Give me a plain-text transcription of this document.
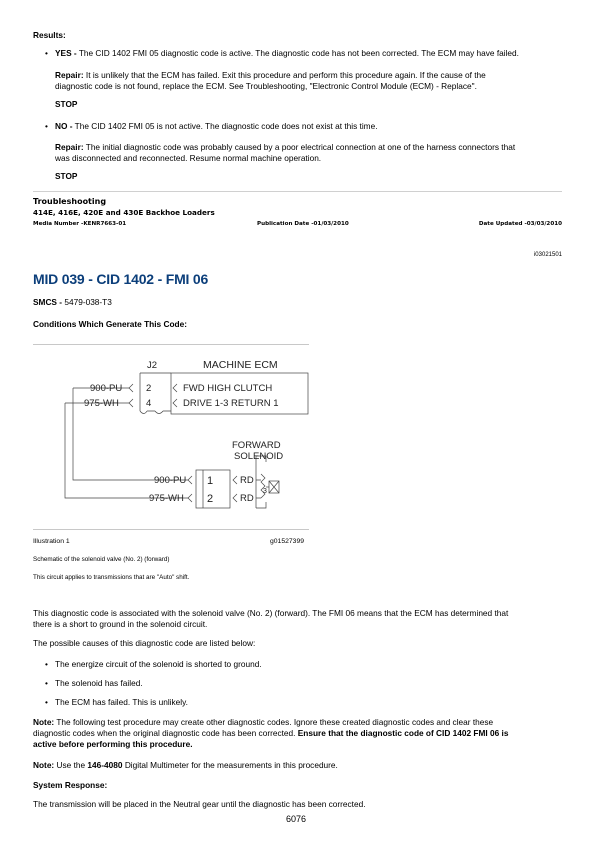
Results:
• YES - The CID 1402 FMI 05 diagnostic code is active. The diagnostic code has not been corrected. The ECM may have failed.
Repair: It is unlikely that the ECM has failed. Exit this procedure and perform this procedure again. If the cause of the
diagnostic code is not found, replace the ECM. See Troubleshooting, "Electronic Control Module (ECM) - Replace".
STOP
• NO - The CID 1402 FMI 05 is not active. The diagnostic code does not exist at this time.
Repair: The initial diagnostic code was probably caused by a poor electrical connection at one of the harness connectors that
was disconnected and reconnected. Resume normal machine operation.
STOP
Troubleshooting
414E, 416E, 420E and 430E Backhoe Loaders
Media Number -KENR7663-01	Publication Date -01/03/2010	Date Updated -03/03/2010
i03021501
MID 039 - CID 1402 - FMI 06
SMCS - 5479-038-T3
Conditions Which Generate This Code:
J2	MACHINE ECM
FWD HIGH CLUTCH
DRIVE 1-3 RETURN 1
2
4
900-PU
975-WH
900-PU
975-WH
1
2
RD
RD
3
FORWARD
SOLENOID
Illustration 1	g01527399
Schematic of the solenoid valve (No. 2) (forward)
This circuit applies to transmissions that are "Auto" shift.
This diagnostic code is associated with the solenoid valve (No. 2) (forward). The FMI 06 means that the ECM has determined that
there is a short to ground in the solenoid circuit.
The possible causes of this diagnostic code are listed below:
• The energize circuit of the solenoid is shorted to ground.
• The solenoid has failed.
• The ECM has failed. This is unlikely.
Note: The following test procedure may create other diagnostic codes. Ignore these created diagnostic codes and clear these
diagnostic codes when the original diagnostic code has been corrected. Ensure that the diagnostic code of CID 1402 FMI 06 is
active before performing this procedure.
Note: Use the 146-4080 Digital Multimeter for the measurements in this procedure.
System Response:
The transmission will be placed in the Neutral gear until the diagnostic has been corrected.
6076
